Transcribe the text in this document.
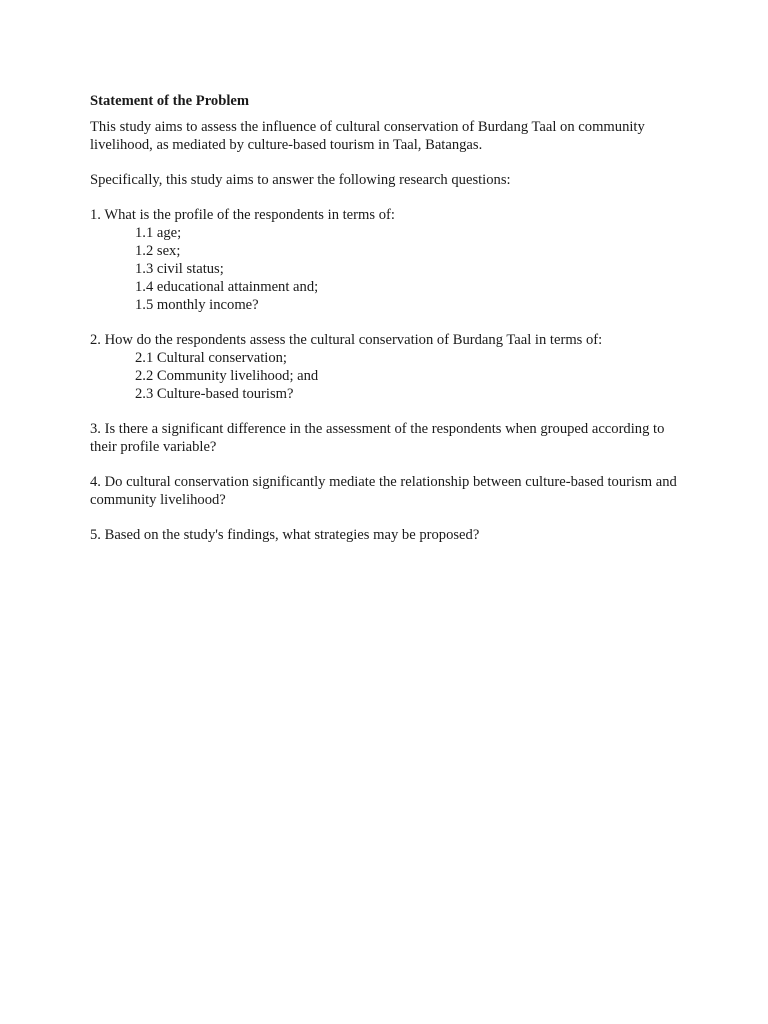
Statement of the Problem

This study aims to assess the influence of cultural conservation of Burdang Taal on community livelihood, as mediated by culture-based tourism in Taal, Batangas.

Specifically, this study aims to answer the following research questions:

1. What is the profile of the respondents in terms of:

1.1 age;
1.2 sex;
1.3 civil status;
1.4 educational attainment and;
1.5 monthly income?

2. How do the respondents assess the cultural conservation of Burdang Taal in terms of:

2.1 Cultural conservation;
2.2 Community livelihood; and
2.3 Culture-based tourism?

3. Is there a significant difference in the assessment of the respondents when grouped according to their profile variable?

4. Do cultural conservation significantly mediate the relationship between culture-based tourism and community livelihood?

5. Based on the study's findings, what strategies may be proposed?
